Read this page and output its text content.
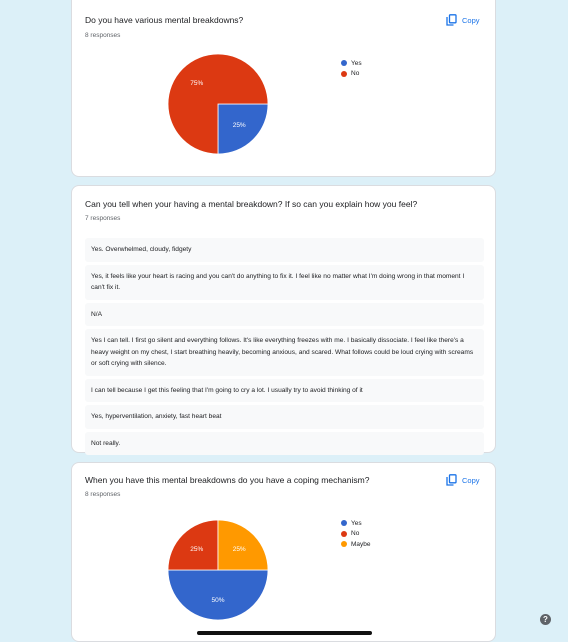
Do you have various mental breakdowns?
8 responses
Copy
25%
75%
Yes
No
Can you tell when your having a mental breakdown? If so can you explain how you feel?
7 responses
Yes. Overwhelmed, cloudy, fidgety
Yes, it feels like your heart is racing and you can't do anything to fix it. I feel like no matter what I'm doing wrong in that moment I can't fix it.
N/A
Yes I can tell. I first go silent and everything follows. It's like everything freezes with me. I basically dissociate. I feel like there's a heavy weight on my chest, I start breathing heavily, becoming anxious, and scared. What follows could be loud crying with screams or soft crying with silence.
I can tell because I get this feeling that I'm going to cry a lot. I usually try to avoid thinking of it
Yes, hyperventilation, anxiety, fast heart beat
Not really.
When you have this mental breakdowns do you have a coping mechanism?
8 responses
Copy
50%
25%	25%
Yes
No
Maybe
?
